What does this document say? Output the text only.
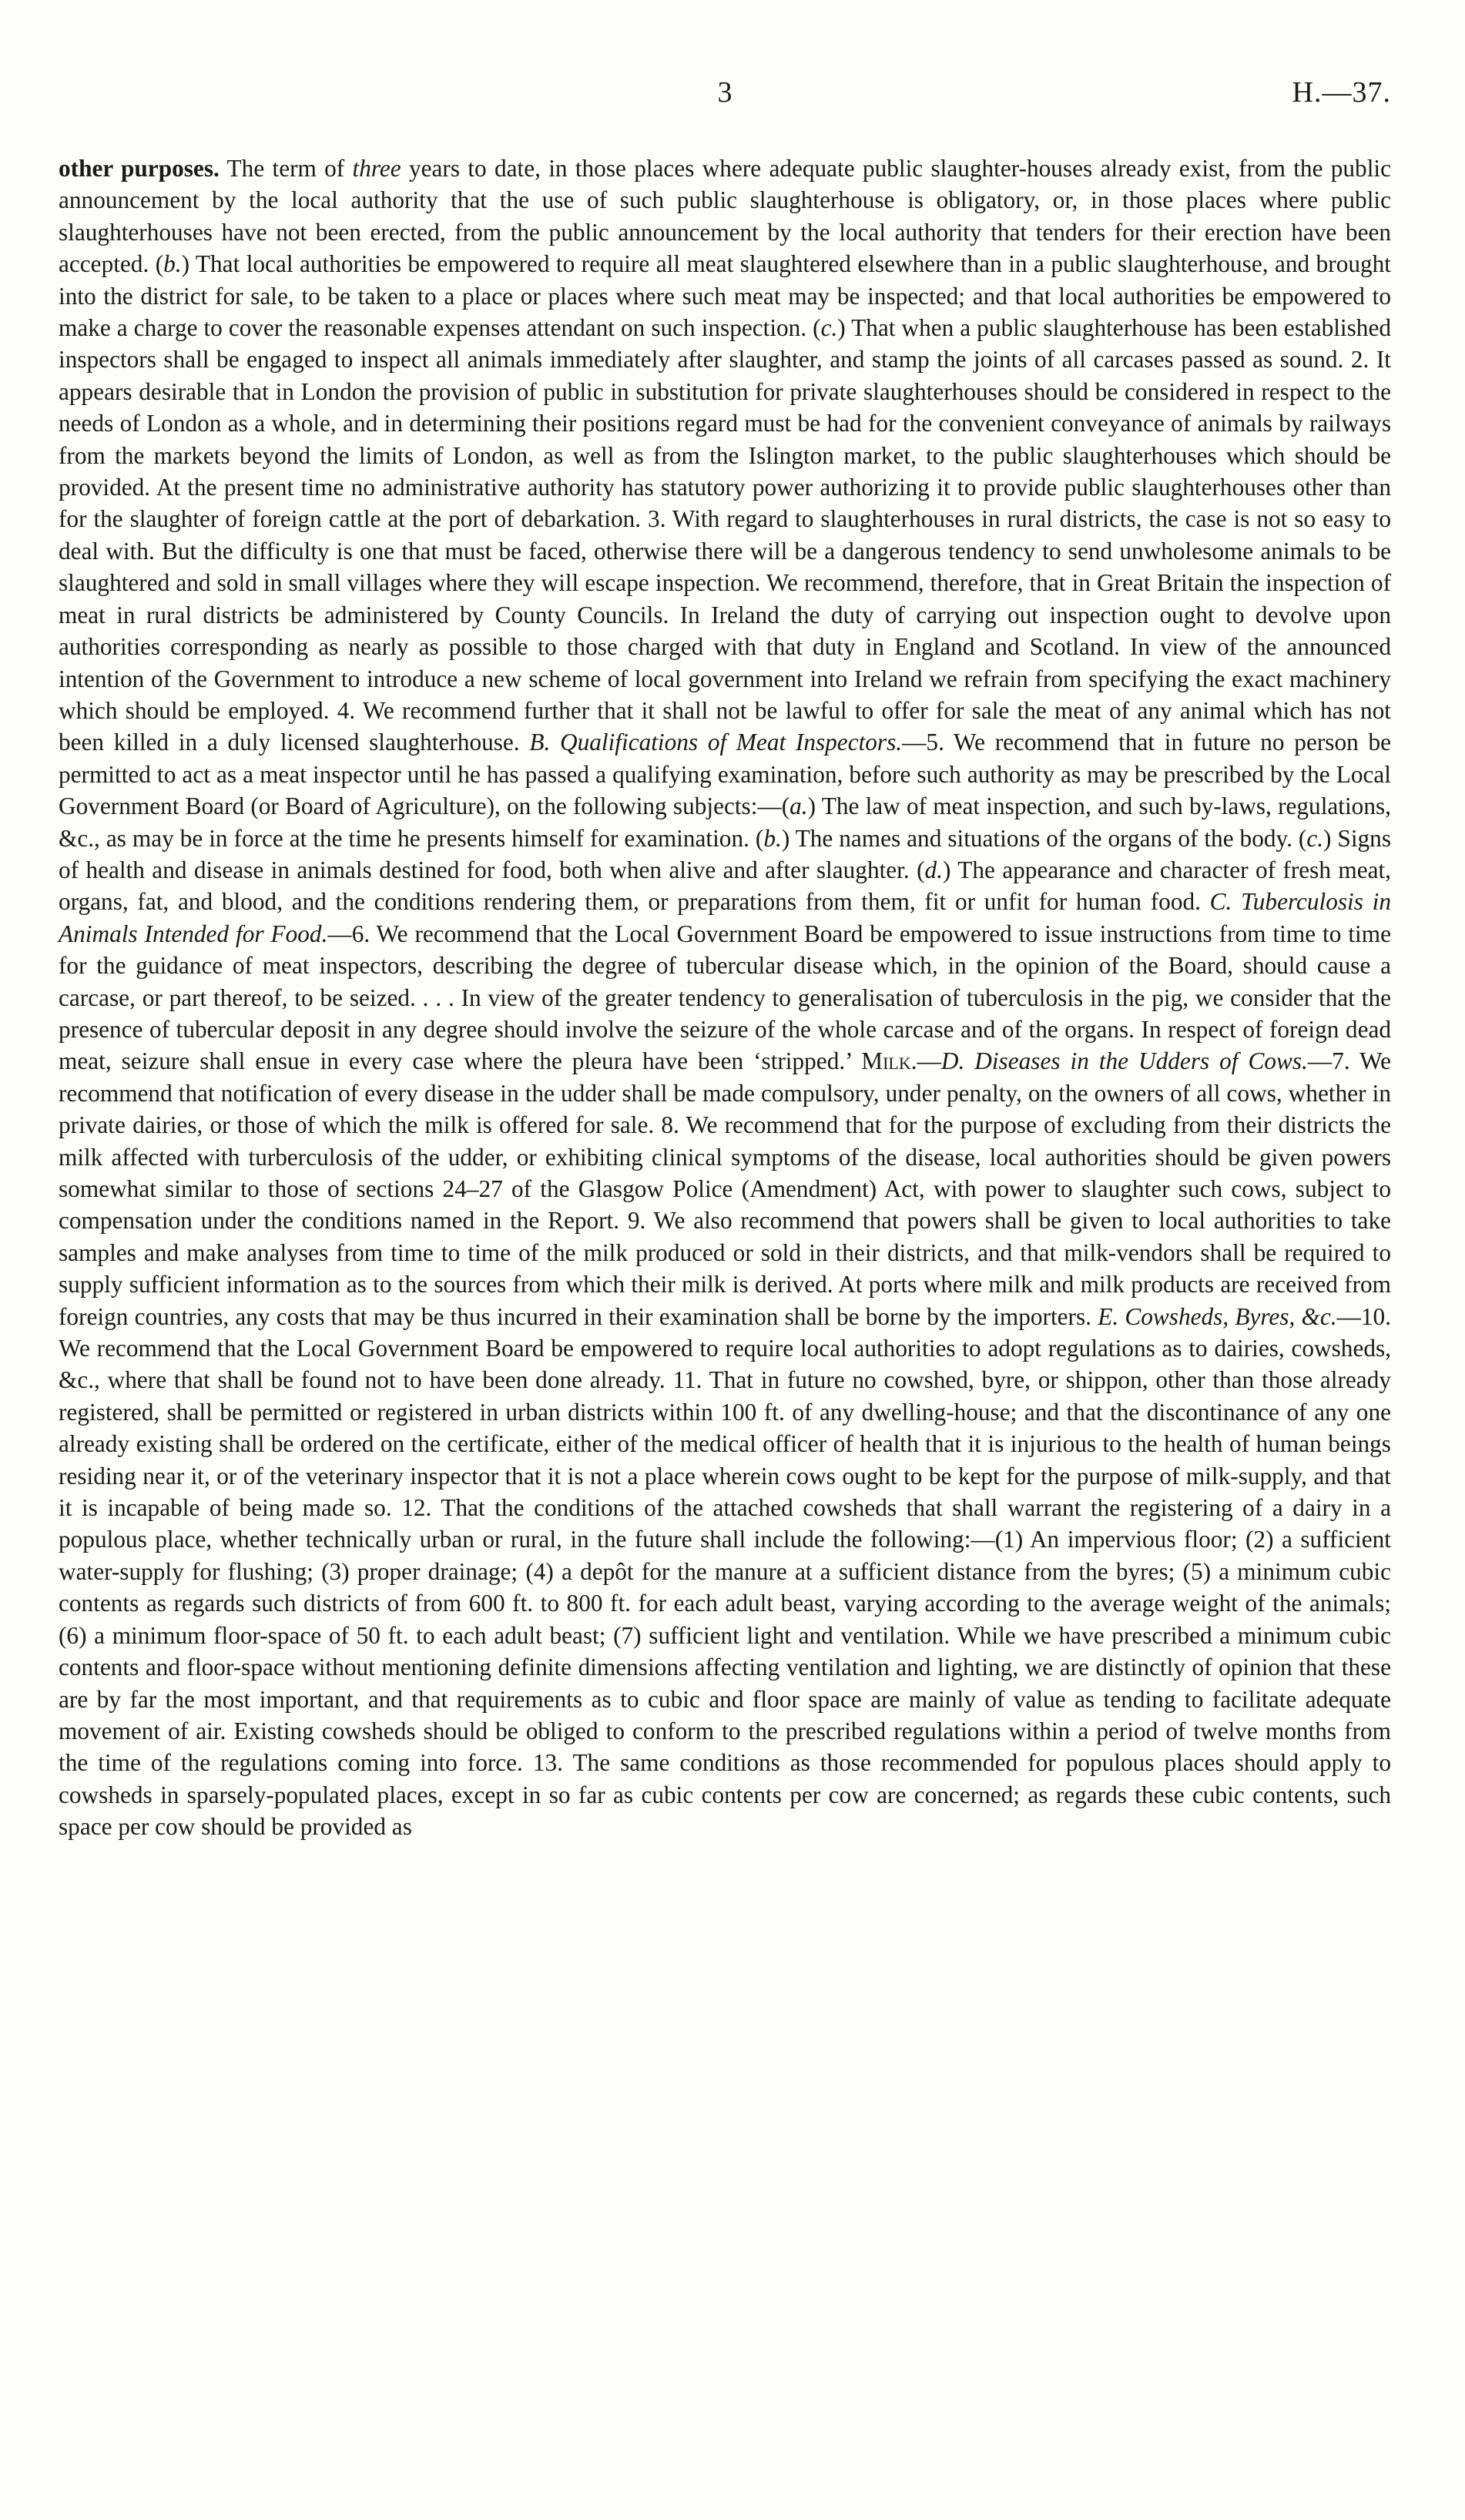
3	H.—37.
other purposes. The term of three years to date, in those places where adequate public slaughter-houses already exist, from the public announcement by the local authority that the use of such public slaughterhouse is obligatory, or, in those places where public slaughterhouses have not been erected, from the public announcement by the local authority that tenders for their erection have been accepted. (b.) That local authorities be empowered to require all meat slaughtered elsewhere than in a public slaughterhouse, and brought into the district for sale, to be taken to a place or places where such meat may be inspected; and that local authorities be empowered to make a charge to cover the reasonable expenses attendant on such inspection. (c.) That when a public slaughterhouse has been established inspectors shall be engaged to inspect all animals immediately after slaughter, and stamp the joints of all carcases passed as sound. 2. It appears desirable that in London the provision of public in substitution for private slaughterhouses should be considered in respect to the needs of London as a whole, and in determining their positions regard must be had for the convenient conveyance of animals by railways from the markets beyond the limits of London, as well as from the Islington market, to the public slaughterhouses which should be provided. At the present time no administrative authority has statutory power authorizing it to provide public slaughterhouses other than for the slaughter of foreign cattle at the port of debarkation. 3. With regard to slaughterhouses in rural districts, the case is not so easy to deal with. But the difficulty is one that must be faced, otherwise there will be a dangerous tendency to send unwholesome animals to be slaughtered and sold in small villages where they will escape inspection. We recommend, therefore, that in Great Britain the inspection of meat in rural districts be administered by County Councils. In Ireland the duty of carrying out inspection ought to devolve upon authorities corresponding as nearly as possible to those charged with that duty in England and Scotland. In view of the announced intention of the Government to introduce a new scheme of local government into Ireland we refrain from specifying the exact machinery which should be employed. 4. We recommend further that it shall not be lawful to offer for sale the meat of any animal which has not been killed in a duly licensed slaughterhouse. B. Qualifications of Meat Inspectors.—5. We recommend that in future no person be permitted to act as a meat inspector until he has passed a qualifying examination, before such authority as may be prescribed by the Local Government Board (or Board of Agriculture), on the following subjects:—(a.) The law of meat inspection, and such by-laws, regulations, &c., as may be in force at the time he presents himself for examination. (b.) The names and situations of the organs of the body. (c.) Signs of health and disease in animals destined for food, both when alive and after slaughter. (d.) The appearance and character of fresh meat, organs, fat, and blood, and the conditions rendering them, or preparations from them, fit or unfit for human food. C. Tuberculosis in Animals Intended for Food.—6. We recommend that the Local Government Board be empowered to issue instructions from time to time for the guidance of meat inspectors, describing the degree of tubercular disease which, in the opinion of the Board, should cause a carcase, or part thereof, to be seized. . . . In view of the greater tendency to generalisation of tuberculosis in the pig, we consider that the presence of tubercular deposit in any degree should involve the seizure of the whole carcase and of the organs. In respect of foreign dead meat, seizure shall ensue in every case where the pleura have been ‘stripped.’ Milk.—D. Diseases in the Udders of Cows.—7. We recommend that notification of every disease in the udder shall be made compulsory, under penalty, on the owners of all cows, whether in private dairies, or those of which the milk is offered for sale. 8. We recommend that for the purpose of excluding from their districts the milk affected with turberculosis of the udder, or exhibiting clinical symptoms of the disease, local authorities should be given powers somewhat similar to those of sections 24–27 of the Glasgow Police (Amendment) Act, with power to slaughter such cows, subject to compensation under the conditions named in the Report. 9. We also recommend that powers shall be given to local authorities to take samples and make analyses from time to time of the milk produced or sold in their districts, and that milk-vendors shall be required to supply sufficient information as to the sources from which their milk is derived. At ports where milk and milk products are received from foreign countries, any costs that may be thus incurred in their examination shall be borne by the importers. E. Cowsheds, Byres, &c.—10. We recommend that the Local Government Board be empowered to require local authorities to adopt regulations as to dairies, cowsheds, &c., where that shall be found not to have been done already. 11. That in future no cowshed, byre, or shippon, other than those already registered, shall be permitted or registered in urban districts within 100 ft. of any dwelling-house; and that the discontinance of any one already existing shall be ordered on the certificate, either of the medical officer of health that it is injurious to the health of human beings residing near it, or of the veterinary inspector that it is not a place wherein cows ought to be kept for the purpose of milk-supply, and that it is incapable of being made so. 12. That the conditions of the attached cowsheds that shall warrant the registering of a dairy in a populous place, whether technically urban or rural, in the future shall include the following:—(1) An impervious floor; (2) a sufficient water-supply for flushing; (3) proper drainage; (4) a depôt for the manure at a sufficient distance from the byres; (5) a minimum cubic contents as regards such districts of from 600 ft. to 800 ft. for each adult beast, varying according to the average weight of the animals; (6) a minimum floor-space of 50 ft. to each adult beast; (7) sufficient light and ventilation. While we have prescribed a minimum cubic contents and floor-space without mentioning definite dimensions affecting ventilation and lighting, we are distinctly of opinion that these are by far the most important, and that requirements as to cubic and floor space are mainly of value as tending to facilitate adequate movement of air. Existing cowsheds should be obliged to conform to the prescribed regulations within a period of twelve months from the time of the regulations coming into force. 13. The same conditions as those recommended for populous places should apply to cowsheds in sparsely-populated places, except in so far as cubic contents per cow are concerned; as regards these cubic contents, such space per cow should be provided as
